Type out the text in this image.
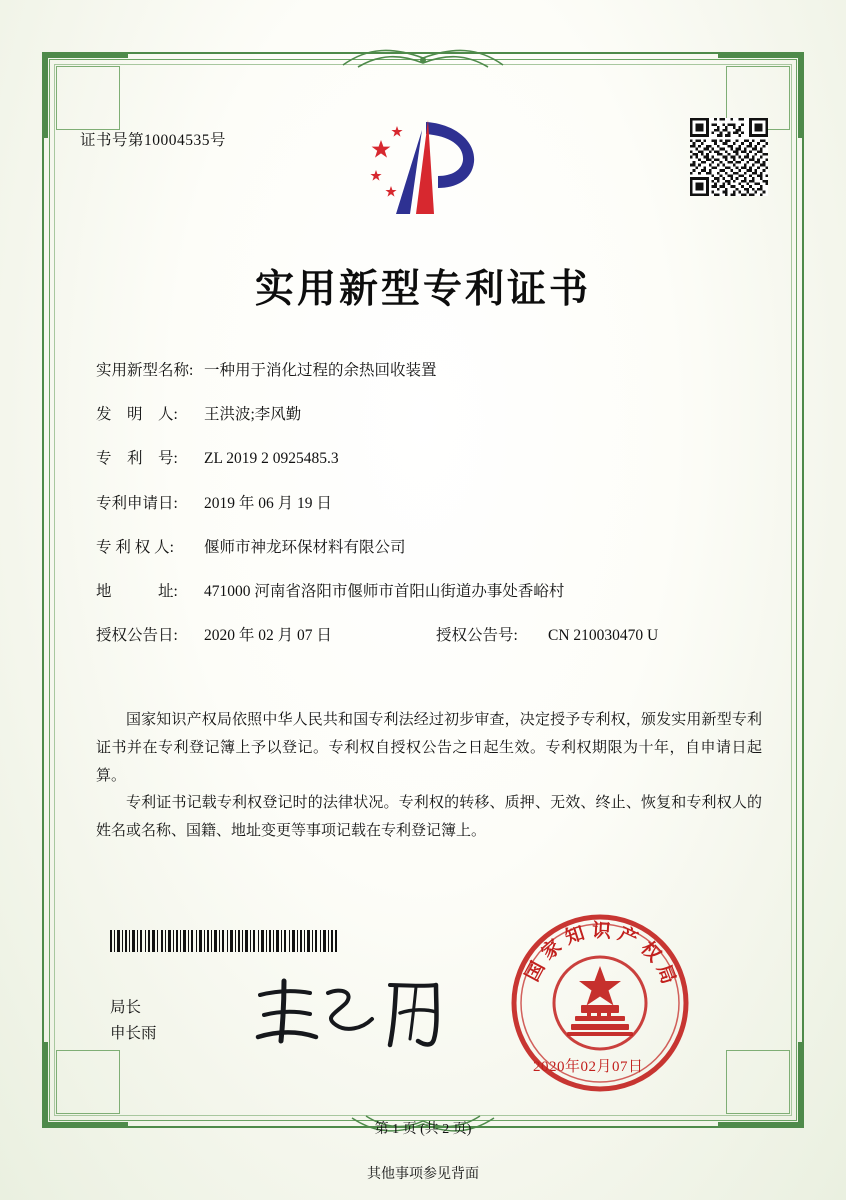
证书号第10004535号
实用新型专利证书
实用新型名称: 一种用于消化过程的余热回收装置
发　明　人:	王洪波;李风勤
专　利　号:	ZL 2019 2 0925485.3
专利申请日:	2019 年 06 月 19 日
专 利 权 人:	偃师市神龙环保材料有限公司
地　　　址:	471000 河南省洛阳市偃师市首阳山街道办事处香峪村
授权公告日:	2020 年 02 月 07 日	授权公告号:	CN 210030470 U

国家知识产权局依照中华人民共和国专利法经过初步审查，决定授予专利权，颁发实用新型专利证书并在专利登记簿上予以登记。专利权自授权公告之日起生效。专利权期限为十年，自申请日起算。

专利证书记载专利权登记时的法律状况。专利权的转移、质押、无效、终止、恢复和专利权人的姓名或名称、国籍、地址变更等事项记载在专利登记簿上。

局长
申长雨
国家知识产权局
2020年02月07日
第 1 页 (共 2 页)
其他事项参见背面
